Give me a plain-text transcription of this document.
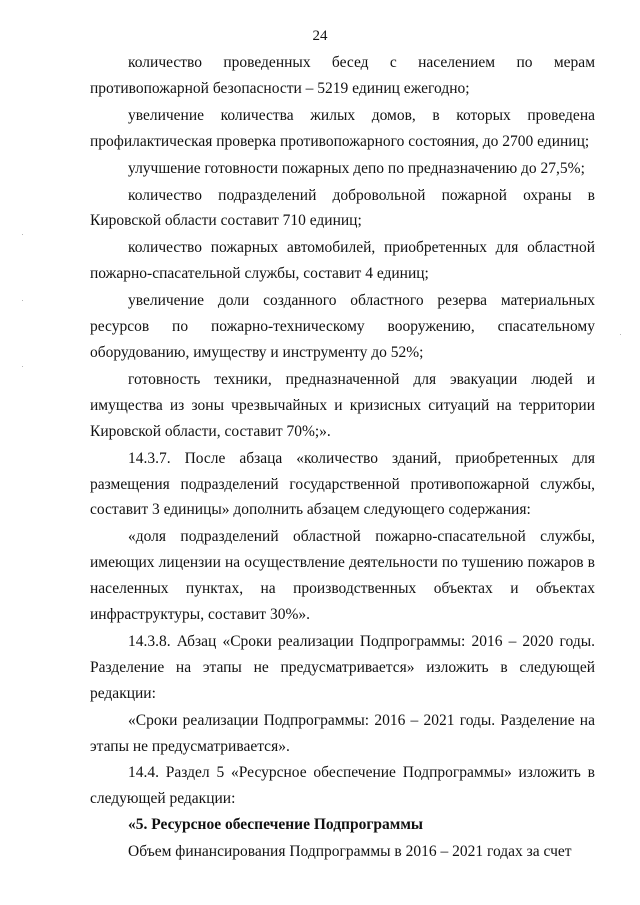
24

количество проведенных бесед с населением по мерам противопожарной безопасности – 5219 единиц ежегодно;

увеличение количества жилых домов, в которых проведена профилактическая проверка противопожарного состояния, до 2700 единиц;

улучшение готовности пожарных депо по предназначению до 27,5%;

количество подразделений добровольной пожарной охраны в Кировской области составит 710 единиц;

количество пожарных автомобилей, приобретенных для областной пожарно-спасательной службы, составит 4 единиц;

увеличение доли созданного областного резерва материальных ресурсов по пожарно-техническому вооружению, спасательному оборудованию, имуществу и инструменту до 52%;

готовность техники, предназначенной для эвакуации людей и имущества из зоны чрезвычайных и кризисных ситуаций на территории Кировской области, составит 70%;».

14.3.7. После абзаца «количество зданий, приобретенных для размещения подразделений государственной противопожарной службы, составит 3 единицы» дополнить абзацем следующего содержания:

«доля подразделений областной пожарно-спасательной службы, имеющих лицензии на осуществление деятельности по тушению пожаров в населенных пунктах, на производственных объектах и объектах инфраструктуры, составит 30%».

14.3.8. Абзац «Сроки реализации Подпрограммы: 2016 – 2020 годы. Разделение на этапы не предусматривается» изложить в следующей редакции:

«Сроки реализации Подпрограммы: 2016 – 2021 годы. Разделение на этапы не предусматривается».

14.4. Раздел 5 «Ресурсное обеспечение Подпрограммы» изложить в следующей редакции:

«5. Ресурсное обеспечение Подпрограммы

Объем финансирования Подпрограммы в 2016 – 2021 годах за счет
